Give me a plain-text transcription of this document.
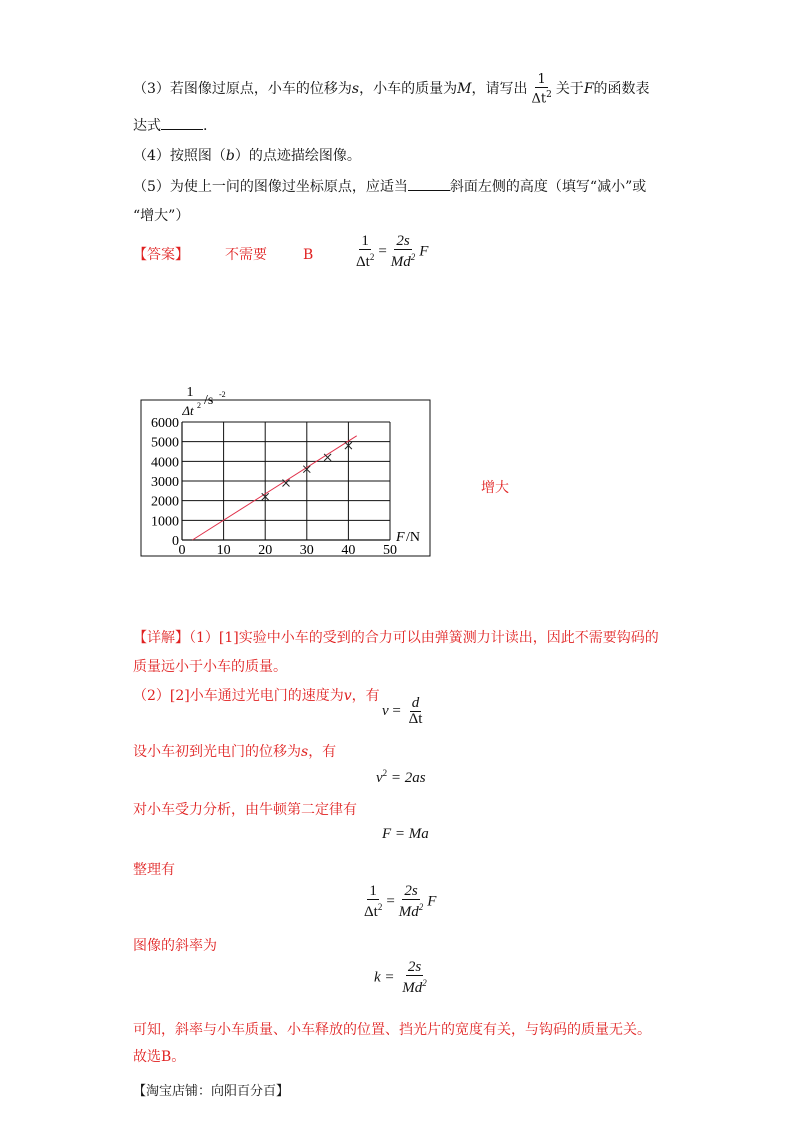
（3）若图像过原点，小车的位移为s，小车的质量为M，请写出 $\frac{1}{\Delta t^2}$ 关于F的函数表
达式	.
（4）按照图（b）的点迹描绘图像。
（5）为使上一问的图像过坐标原点，应适当	斜面左侧的高度（填写“减小”或
“增大”）
【答案】	不需要	B	$\frac{1}{\Delta t^2} = \frac{2s}{Md^2}$ F
0 10 20 30 40 50
0
1000
2000
3000
4000
5000
6000
1
Δt 2 /s -2
F /N
增大
【详解】（1）[1]实验中小车的受到的合力可以由弹簧测力计读出，因此不需要钩码的
质量远小于小车的质量。
（2）[2]小车通过光电门的速度为v，有
$v = \frac{d}{\Delta t}$
设小车初到光电门的位移为s，有
$v^2 = 2as$
对小车受力分析，由牛顿第二定律有
F = Ma
整理有
$\frac{1}{\Delta t^2} = \frac{2s}{Md^2}$ F
图像的斜率为
$k = \frac{2s}{Md^2}$
可知，斜率与小车质量、小车释放的位置、挡光片的宽度有关，与钩码的质量无关。
故选B。
【淘宝店铺：向阳百分百】
